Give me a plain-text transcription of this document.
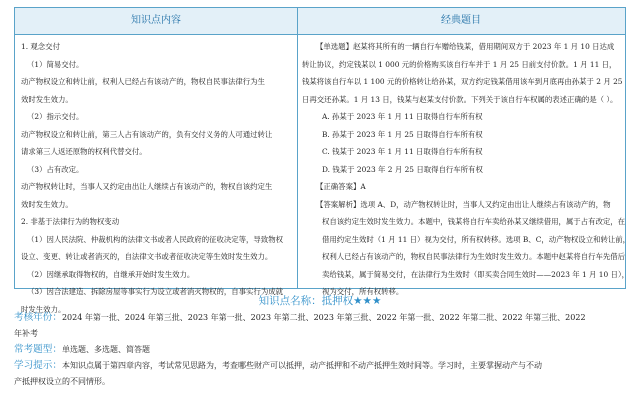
知识点内容	经典题目
1. 观念交付
（1）简易交付。
动产物权设立和转让前，权利人已经占有该动产的，物权自民事法律行为生
效时发生效力。
（2）指示交付。
动产物权设立和转让前，第三人占有该动产的，负有交付义务的人可通过转让
请求第三人返还原物的权利代替交付。
（3）占有改定。
动产物权转让时，当事人又约定由出让人继续占有该动产的，物权自该约定生
效时发生效力。
2. 非基于法律行为的物权变动
（1）因人民法院、仲裁机构的法律文书或者人民政府的征收决定等，导致物权
设立、变更、转让或者消灭的，自法律文书或者征收决定等生效时发生效力。
（2）因继承取得物权的，自继承开始时发生效力。
（3）因合法建造、拆除房屋等事实行为设立或者消灭物权的，自事实行为成就
时发生效力。
【单选题】赵某将其所有的一辆自行车赠给钱某，借用期间双方于 2023 年 1 月 10 日达成
转让协议，约定钱某以 1 000 元的价格购买该自行车并于 1 月 25 日前支付价款。1 月 11 日，
钱某将该自行车以 1 100 元的价格转让给孙某，双方约定钱某借用该车到月底再由孙某于 2 月 25
日再交还孙某。1 月 13 日，钱某与赵某支付价款。下列关于该自行车权属的表述正确的是（ ）。
A. 孙某于 2023 年 1 月 11 日取得自行车所有权
B. 孙某于 2023 年 1 月 25 日取得自行车所有权
C. 钱某于 2023 年 1 月 11 日取得自行车所有权
D. 钱某于 2023 年 2 月 25 日取得自行车所有权
【正确答案】A
【答案解析】选项 A、D，动产物权转让时，当事人又约定由出让人继续占有该动产的，物
权自该约定生效时发生效力。本题中，钱某将自行车卖给孙某又继续借用，属于占有改定，在
借用约定生效时（1 月 11 日）视为交付，所有权转移。选项 B、C，动产物权设立和转让前，
权利人已经占有该动产的，物权自民事法律行为生效时发生效力。本题中赵某将自行车先借后
卖给钱某，属于简易交付，在法律行为生效时（即买卖合同生效时——2023 年 1 月 10 日），
视为交付，所有权转移。
知识点名称：抵押权★★★
考核年份：2024 年第一批、2024 年第三批、2023 年第一批、2023 年第二批、2023 年第三批、2022 年第一批、2022 年第二批、2022 年第三批、2022
年补考
常考题型：单选题、多选题、简答题
学习提示：本知识点属于第四章内容，考试常见思路为，考查哪些财产可以抵押，动产抵押和不动产抵押生效时间等。学习时，主要掌握动产与不动
产抵押权设立的不同情形。
